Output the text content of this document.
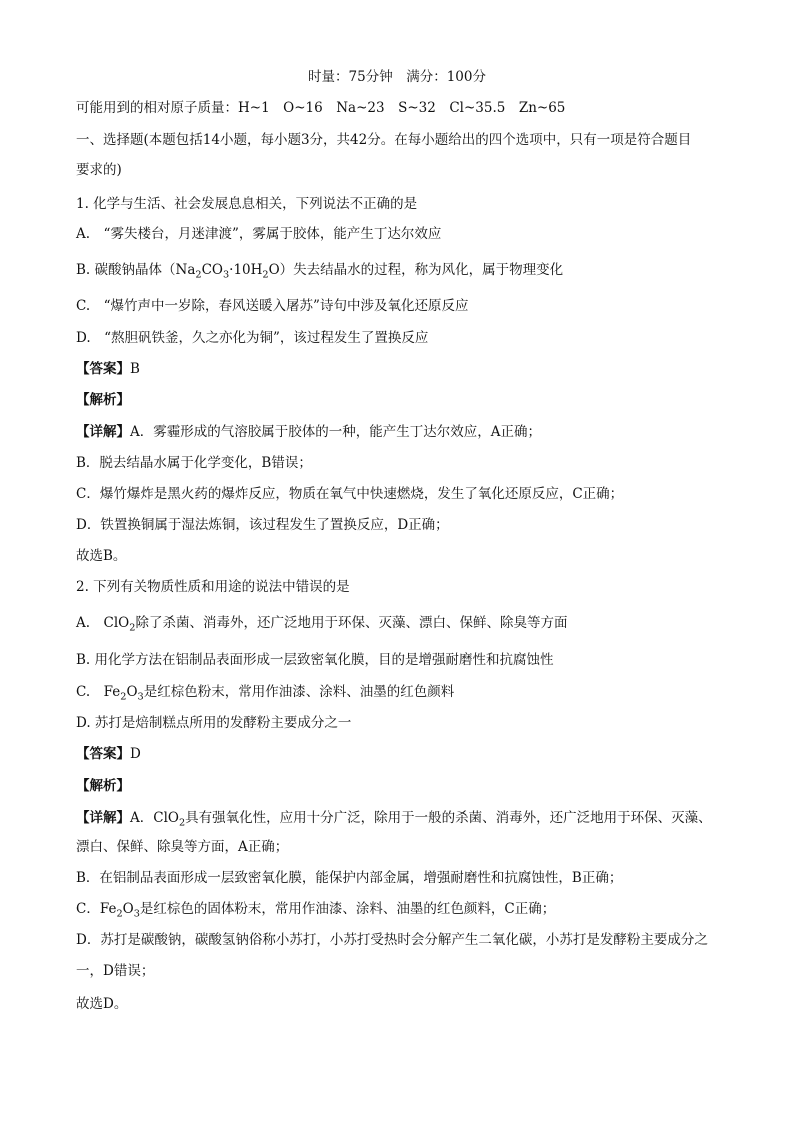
时量：75分钟　满分：100分
可能用到的相对原子质量：H~1　O~16　Na~23　S~32　Cl~35.5　Zn~65
一、选择题(本题包括14小题，每小题3分，共42分。在每小题给出的四个选项中，只有一项是符合题目
要求的)
1. 化学与生活、社会发展息息相关，下列说法不正确的是
A.　“雾失楼台，月迷津渡”，雾属于胶体，能产生丁达尔效应
B. 碳酸钠晶体$(Na_2CO_3\cdot 10H_2O)$失去结晶水的过程，称为风化，属于物理变化
C.　“爆竹声中一岁除，春风送暖入屠苏”诗句中涉及氧化还原反应
D.　“熬胆矾铁釜，久之亦化为铜”，该过程发生了置换反应
【答案】B
【解析】
【详解】A．雾霾形成的气溶胶属于胶体的一种，能产生丁达尔效应，A正确；
B．脱去结晶水属于化学变化，B错误；
C．爆竹爆炸是黑火药的爆炸反应，物质在氧气中快速燃烧，发生了氧化还原反应，C正确；
D．铁置换铜属于湿法炼铜，该过程发生了置换反应，D正确；
故选B。
2. 下列有关物质性质和用途的说法中错误的是
A.　ClO$_2$除了杀菌、消毒外，还广泛地用于环保、灭藻、漂白、保鲜、除臭等方面
B. 用化学方法在铝制品表面形成一层致密氧化膜，目的是增强耐磨性和抗腐蚀性
C.　$Fe_2O_3$是红棕色粉末，常用作油漆、涂料、油墨的红色颜料
D. 苏打是焙制糕点所用的发酵粉主要成分之一
【答案】D
【解析】
【详解】A．ClO$_2$具有强氧化性，应用十分广泛，除用于一般的杀菌、消毒外，还广泛地用于环保、灭藻、
漂白、保鲜、除臭等方面，A正确；
B．在铝制品表面形成一层致密氧化膜，能保护内部金属，增强耐磨性和抗腐蚀性，B正确；
C．$Fe_2O_3$是红棕色的固体粉末，常用作油漆、涂料、油墨的红色颜料，C正确；
D．苏打是碳酸钠，碳酸氢钠俗称小苏打，小苏打受热时会分解产生二氧化碳，小苏打是发酵粉主要成分之
一，D错误；
故选D。
